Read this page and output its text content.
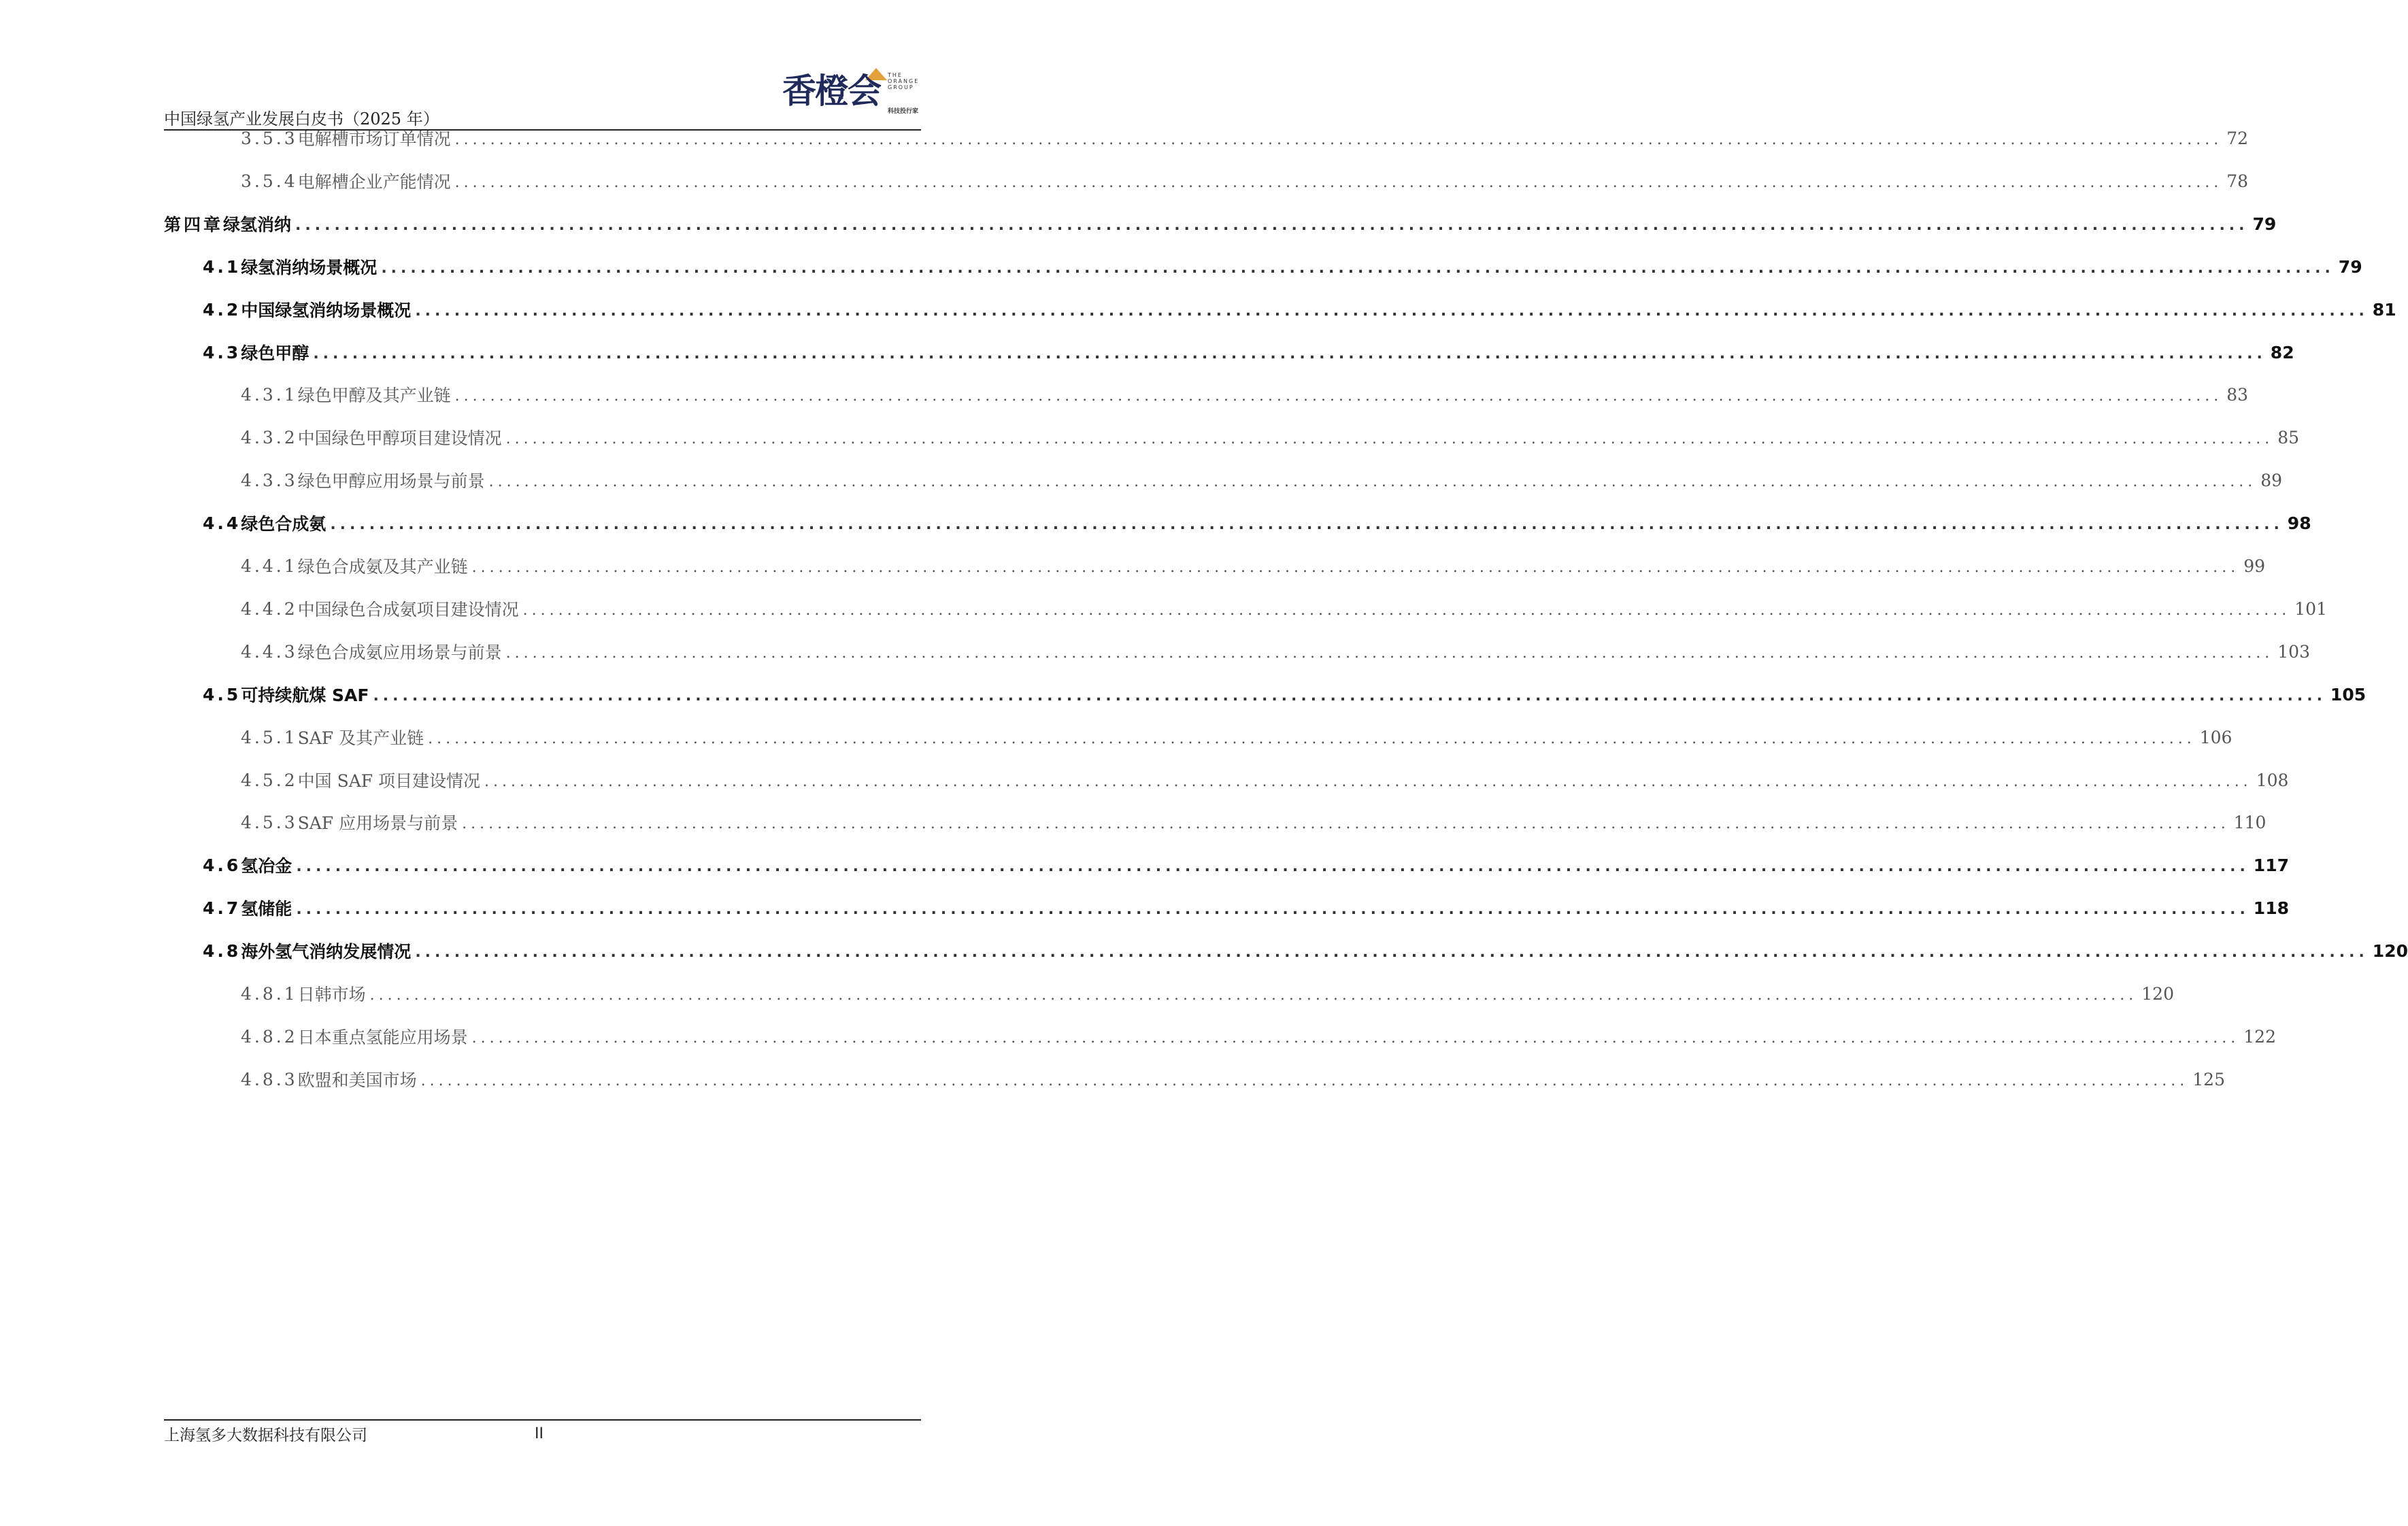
中国绿氢产业发展白皮书（2025 年）
香橙会 THE ORANGE GROUP
科技投行家
3.5.3 电解槽市场订单情况 ........................................................................................................................................................................................................ 72
3.5.4 电解槽企业产能情况 ........................................................................................................................................................................................................ 78
第四章 绿氢消纳 ........................................................................................................................................................................................................ 79
4.1 绿氢消纳场景概况 ........................................................................................................................................................................................................ 79
4.2 中国绿氢消纳场景概况 ........................................................................................................................................................................................................ 81
4.3 绿色甲醇 ........................................................................................................................................................................................................ 82
4.3.1 绿色甲醇及其产业链 ........................................................................................................................................................................................................ 83
4.3.2 中国绿色甲醇项目建设情况 ........................................................................................................................................................................................................ 85
4.3.3 绿色甲醇应用场景与前景 ........................................................................................................................................................................................................ 89
4.4 绿色合成氨 ........................................................................................................................................................................................................ 98
4.4.1 绿色合成氨及其产业链 ........................................................................................................................................................................................................ 99
4.4.2 中国绿色合成氨项目建设情况 ........................................................................................................................................................................................................ 101
4.4.3 绿色合成氨应用场景与前景 ........................................................................................................................................................................................................ 103
4.5 可持续航煤 SAF ........................................................................................................................................................................................................ 105
4.5.1 SAF 及其产业链 ........................................................................................................................................................................................................ 106
4.5.2 中国 SAF 项目建设情况 ........................................................................................................................................................................................................ 108
4.5.3 SAF 应用场景与前景 ........................................................................................................................................................................................................ 110
4.6 氢冶金 ........................................................................................................................................................................................................ 117
4.7 氢储能 ........................................................................................................................................................................................................ 118
4.8 海外氢气消纳发展情况 ........................................................................................................................................................................................................ 120
4.8.1 日韩市场 ........................................................................................................................................................................................................ 120
4.8.2 日本重点氢能应用场景 ........................................................................................................................................................................................................ 122
4.8.3 欧盟和美国市场 ........................................................................................................................................................................................................ 125
上海氢多大数据科技有限公司	II
